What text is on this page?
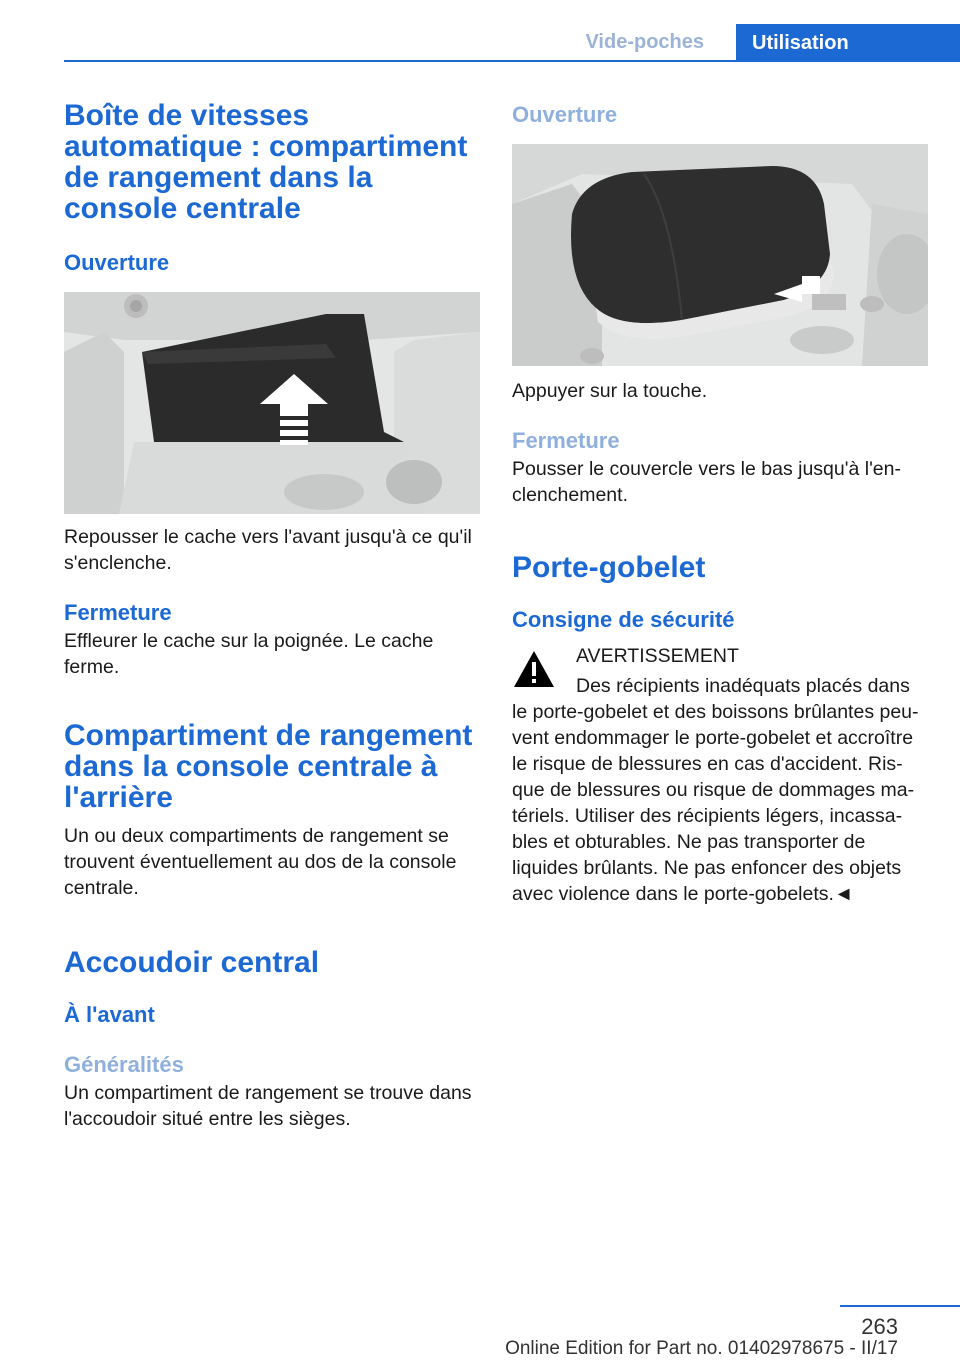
Vide-poches	Utilisation
Boîte de vitesses automatique : compartiment de rangement dans la console centrale
Ouverture

Repousser le cache vers l'avant jusqu'à ce qu'il s'enclenche.

Fermeture

Effleurer le cache sur la poignée. Le cache ferme.

Compartiment de rangement dans la console centrale à l'arrière

Un ou deux compartiments de rangement se trouvent éventuellement au dos de la console centrale.

Accoudoir central
À l'avant
Généralités

Un compartiment de rangement se trouve dans l'accoudoir situé entre les sièges.

Ouverture

Appuyer sur la touche.

Fermeture

Pousser le couvercle vers le bas jusqu'à l'en-clenchement.

Porte-gobelet
Consigne de sécurité

AVERTISSEMENT

Des récipients inadéquats placés dans le porte-gobelet et des boissons brûlantes peu-vent endommager le porte-gobelet et accroître le risque de blessures en cas d'accident. Ris-que de blessures ou risque de dommages ma-tériels. Utiliser des récipients légers, incassa-bles et obturables. Ne pas transporter de liquides brûlants. Ne pas enfoncer des objets avec violence dans le porte-gobelets.◄

263
Online Edition for Part no. 01402978675 - II/17
